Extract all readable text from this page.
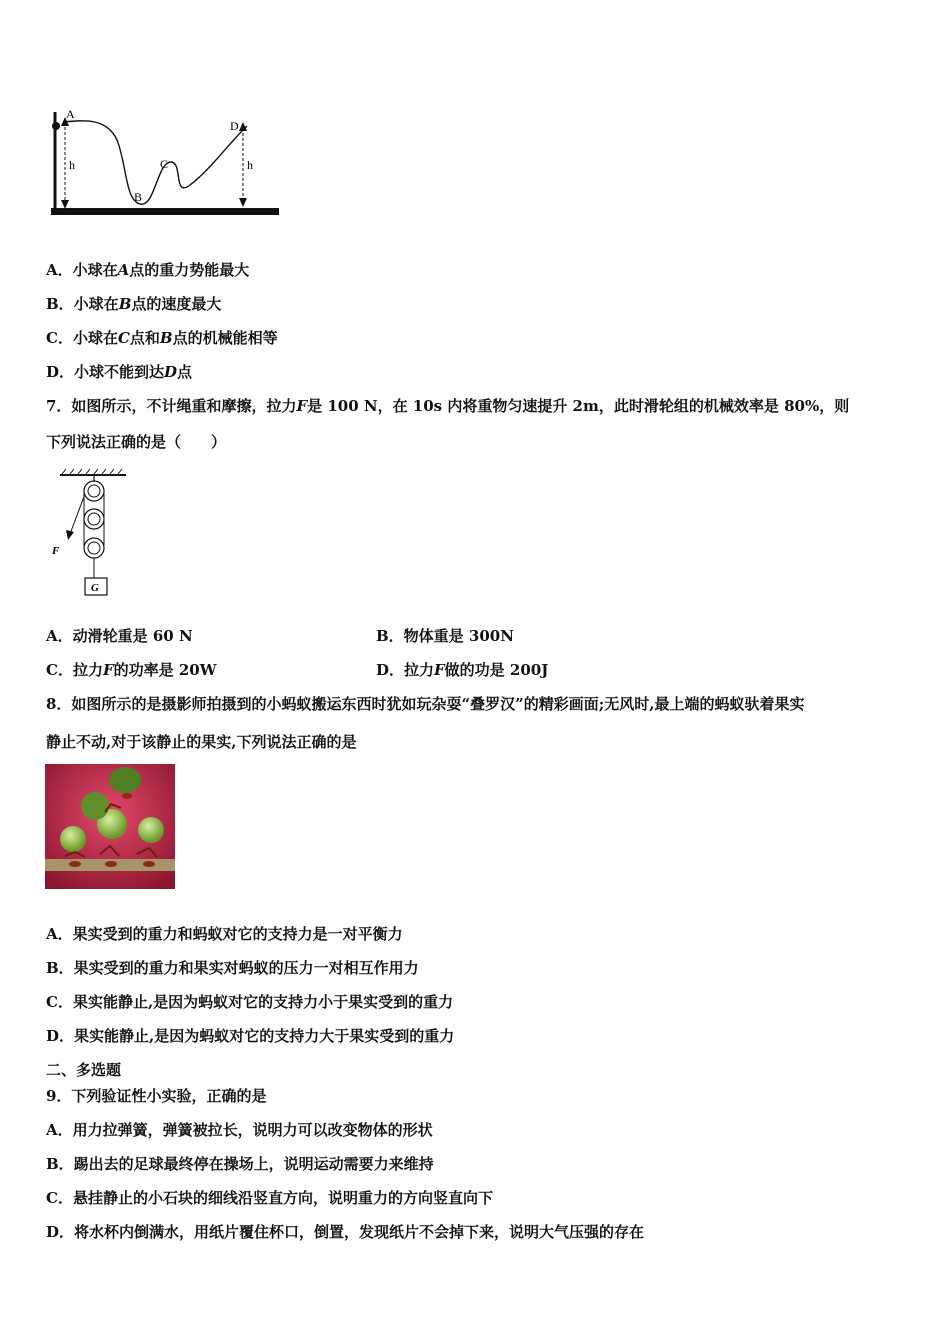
A
B
C
D
h	h
A．小球在A点的重力势能最大
B．小球在B点的速度最大
C．小球在C点和B点的机械能相等
D．小球不能到达D点
7．如图所示，不计绳重和摩擦，拉力F是 100 N，在 10s 内将重物匀速提升 2m，此时滑轮组的机械效率是 80%，则
下列说法正确的是（　　）
F
G
A．动滑轮重是 60 N	B．物体重是 300N
C．拉力F的功率是 20W	D．拉力F做的功是 200J
8．如图所示的是摄影师拍摄到的小蚂蚁搬运东西时犹如玩杂耍“叠罗汉”的精彩画面;无风时,最上端的蚂蚁驮着果实
静止不动,对于该静止的果实,下列说法正确的是
A．果实受到的重力和蚂蚁对它的支持力是一对平衡力
B．果实受到的重力和果实对蚂蚁的压力一对相互作用力
C．果实能静止,是因为蚂蚁对它的支持力小于果实受到的重力
D．果实能静止,是因为蚂蚁对它的支持力大于果实受到的重力
二、多选题
9．下列验证性小实验，正确的是
A．用力拉弹簧，弹簧被拉长，说明力可以改变物体的形状
B．踢出去的足球最终停在操场上，说明运动需要力来维持
C．悬挂静止的小石块的细线沿竖直方向，说明重力的方向竖直向下
D．将水杯内倒满水，用纸片覆住杯口，倒置，发现纸片不会掉下来，说明大气压强的存在
